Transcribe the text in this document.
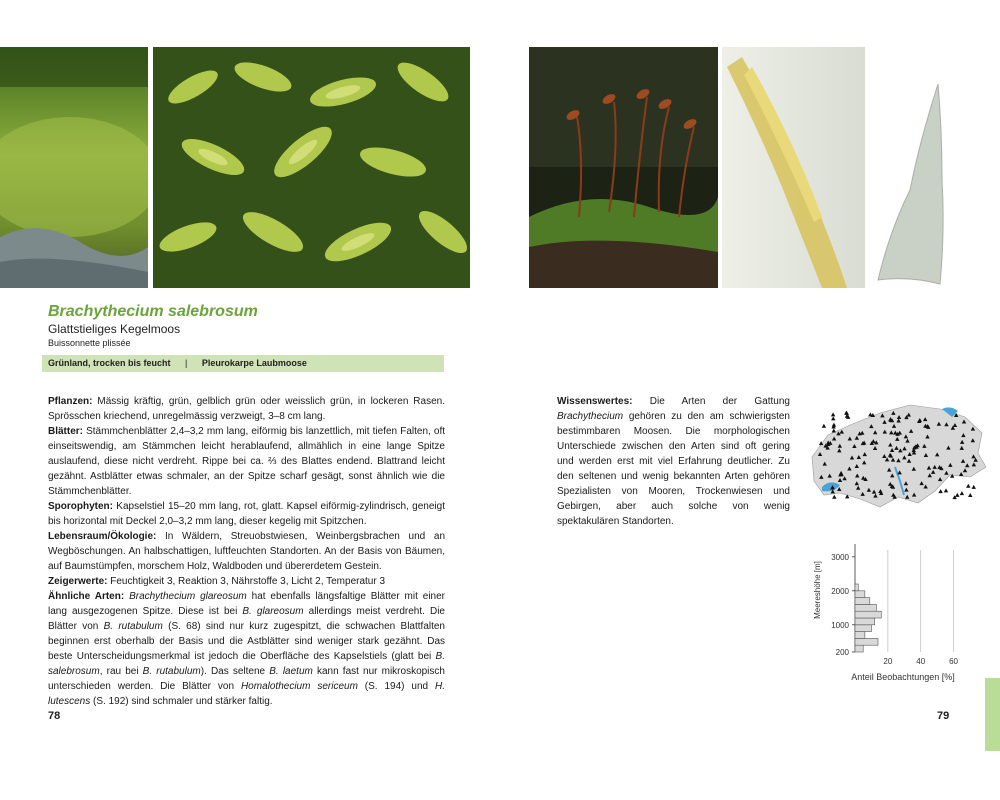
Brachythecium salebrosum
Glattstieliges Kegelmoos
Buissonnette plissée
Grünland, trocken bis feucht | Pleurokarpe Laubmoose

Pflanzen: Mässig kräftig, grün, gelblich grün oder weisslich grün, in lockeren Rasen. Sprösschen kriechend, unregelmässig verzweigt, 3–8 cm lang.

Blätter: Stämmchenblätter 2,4–3,2 mm lang, eiförmig bis lanzettlich, mit tiefen Falten, oft einseitswendig, am Stämmchen leicht herablaufend, allmählich in eine lange Spitze auslaufend, diese nicht verdreht. Rippe bei ca. ⅔ des Blattes endend. Blattrand leicht gezähnt. Astblätter etwas schmaler, an der Spitze scharf gesägt, sonst ähnlich wie die Stämmchenblätter.

Sporophyten: Kapselstiel 15–20 mm lang, rot, glatt. Kapsel eiförmig-zylindrisch, geneigt bis horizontal mit Deckel 2,0–3,2 mm lang, dieser kegelig mit Spitzchen.

Lebensraum/Ökologie: In Wäldern, Streuobstwiesen, Weinbergsbrachen und an Wegböschungen. An halbschattigen, luftfeuchten Standorten. An der Basis von Bäumen, auf Baumstümpfen, morschem Holz, Waldboden und übererdetem Gestein.

Zeigerwerte: Feuchtigkeit 3, Reaktion 3, Nährstoffe 3, Licht 2, Temperatur 3

Ähnliche Arten: Brachythecium glareosum hat ebenfalls längsfaltige Blätter mit einer lang ausgezogenen Spitze. Diese ist bei B. glareosum allerdings meist verdreht. Die Blätter von B. rutabulum (S. 68) sind nur kurz zugespitzt, die schwachen Blattfalten beginnen erst oberhalb der Basis und die Astblätter sind weniger stark gezähnt. Das beste Unterscheidungsmerkmal ist jedoch die Oberfläche des Kapselstiels (glatt bei B. salebrosum, rau bei B. rutabulum). Das seltene B. laetum kann fast nur mikroskopisch unterschieden werden. Die Blätter von Homalothecium sericeum (S. 194) und H. lutescens (S. 192) sind schmaler und stärker faltig.

Wissenswertes: Die Arten der Gattung Brachythecium gehören zu den am schwierigsten bestimmbaren Moosen. Die morphologischen Unterschiede zwischen den Arten sind oft gering und werden erst mit viel Erfahrung deutlicher. Zu den seltenen und wenig bekannten Arten gehören Spezialisten von Mooren, Trockenwiesen und Gebirgen, aber auch solche von wenig spektakulären Standorten.
Meereshöhe [m]
Anteil Beobachtungen [%]
20	40	60
200
1000
2000
3000
78	79
